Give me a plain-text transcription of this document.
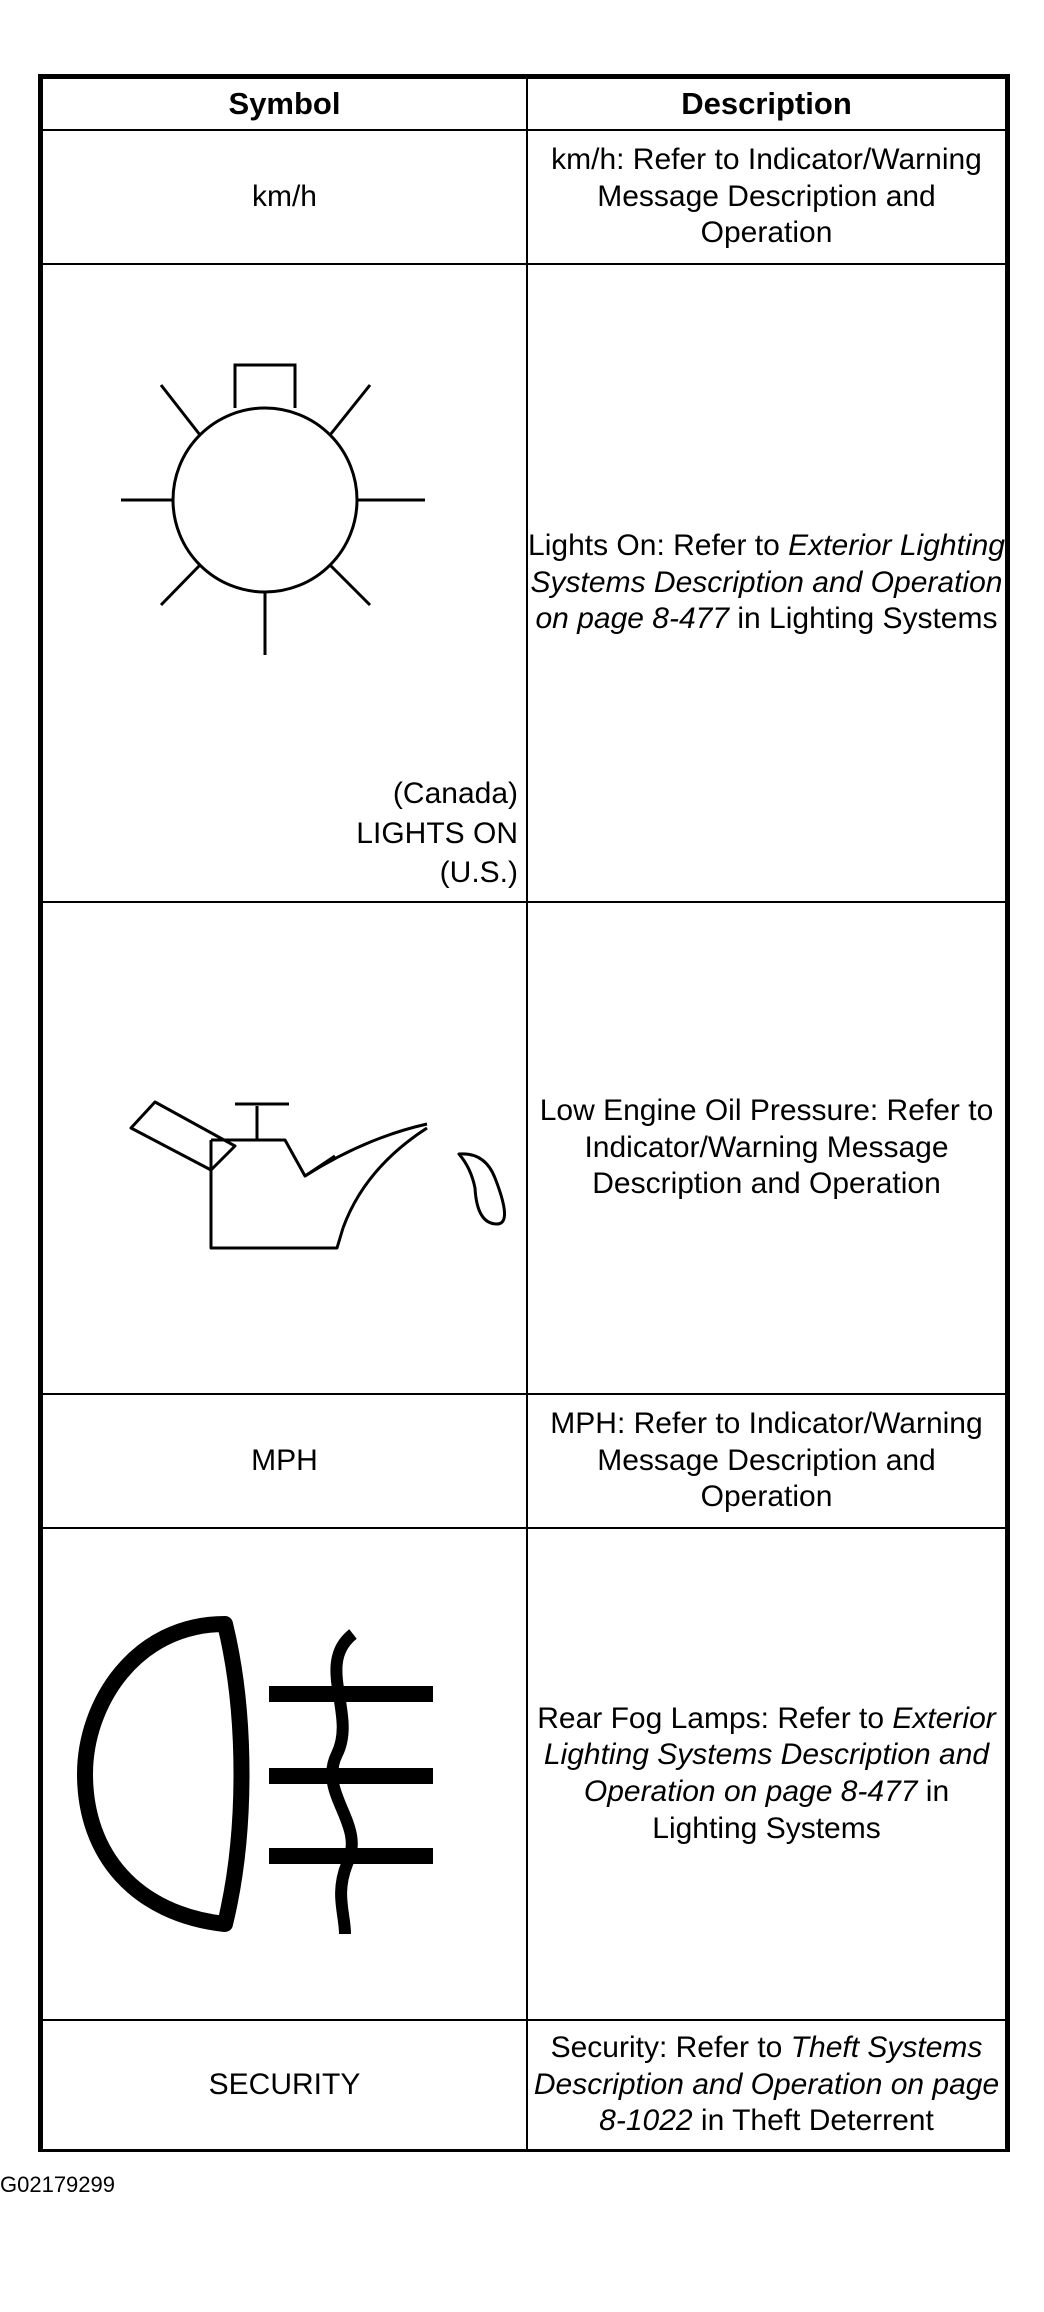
Symbol	Description
km/h	km/h: Refer to Indicator/Warning Message Description and Operation

(Canada)
LIGHTS ON
(U.S.)	Lights On: Refer to Exterior Lighting Systems Description and Operation on page 8-477 in Lighting Systems

	Low Engine Oil Pressure: Refer to Indicator/Warning Message Description and Operation
MPH	MPH: Refer to Indicator/Warning Message Description and Operation

	Rear Fog Lamps: Refer to Exterior Lighting Systems Description and Operation on page 8-477 in Lighting Systems
SECURITY	Security: Refer to Theft Systems Description and Operation on page 8-1022 in Theft Deterrent
G02179299
